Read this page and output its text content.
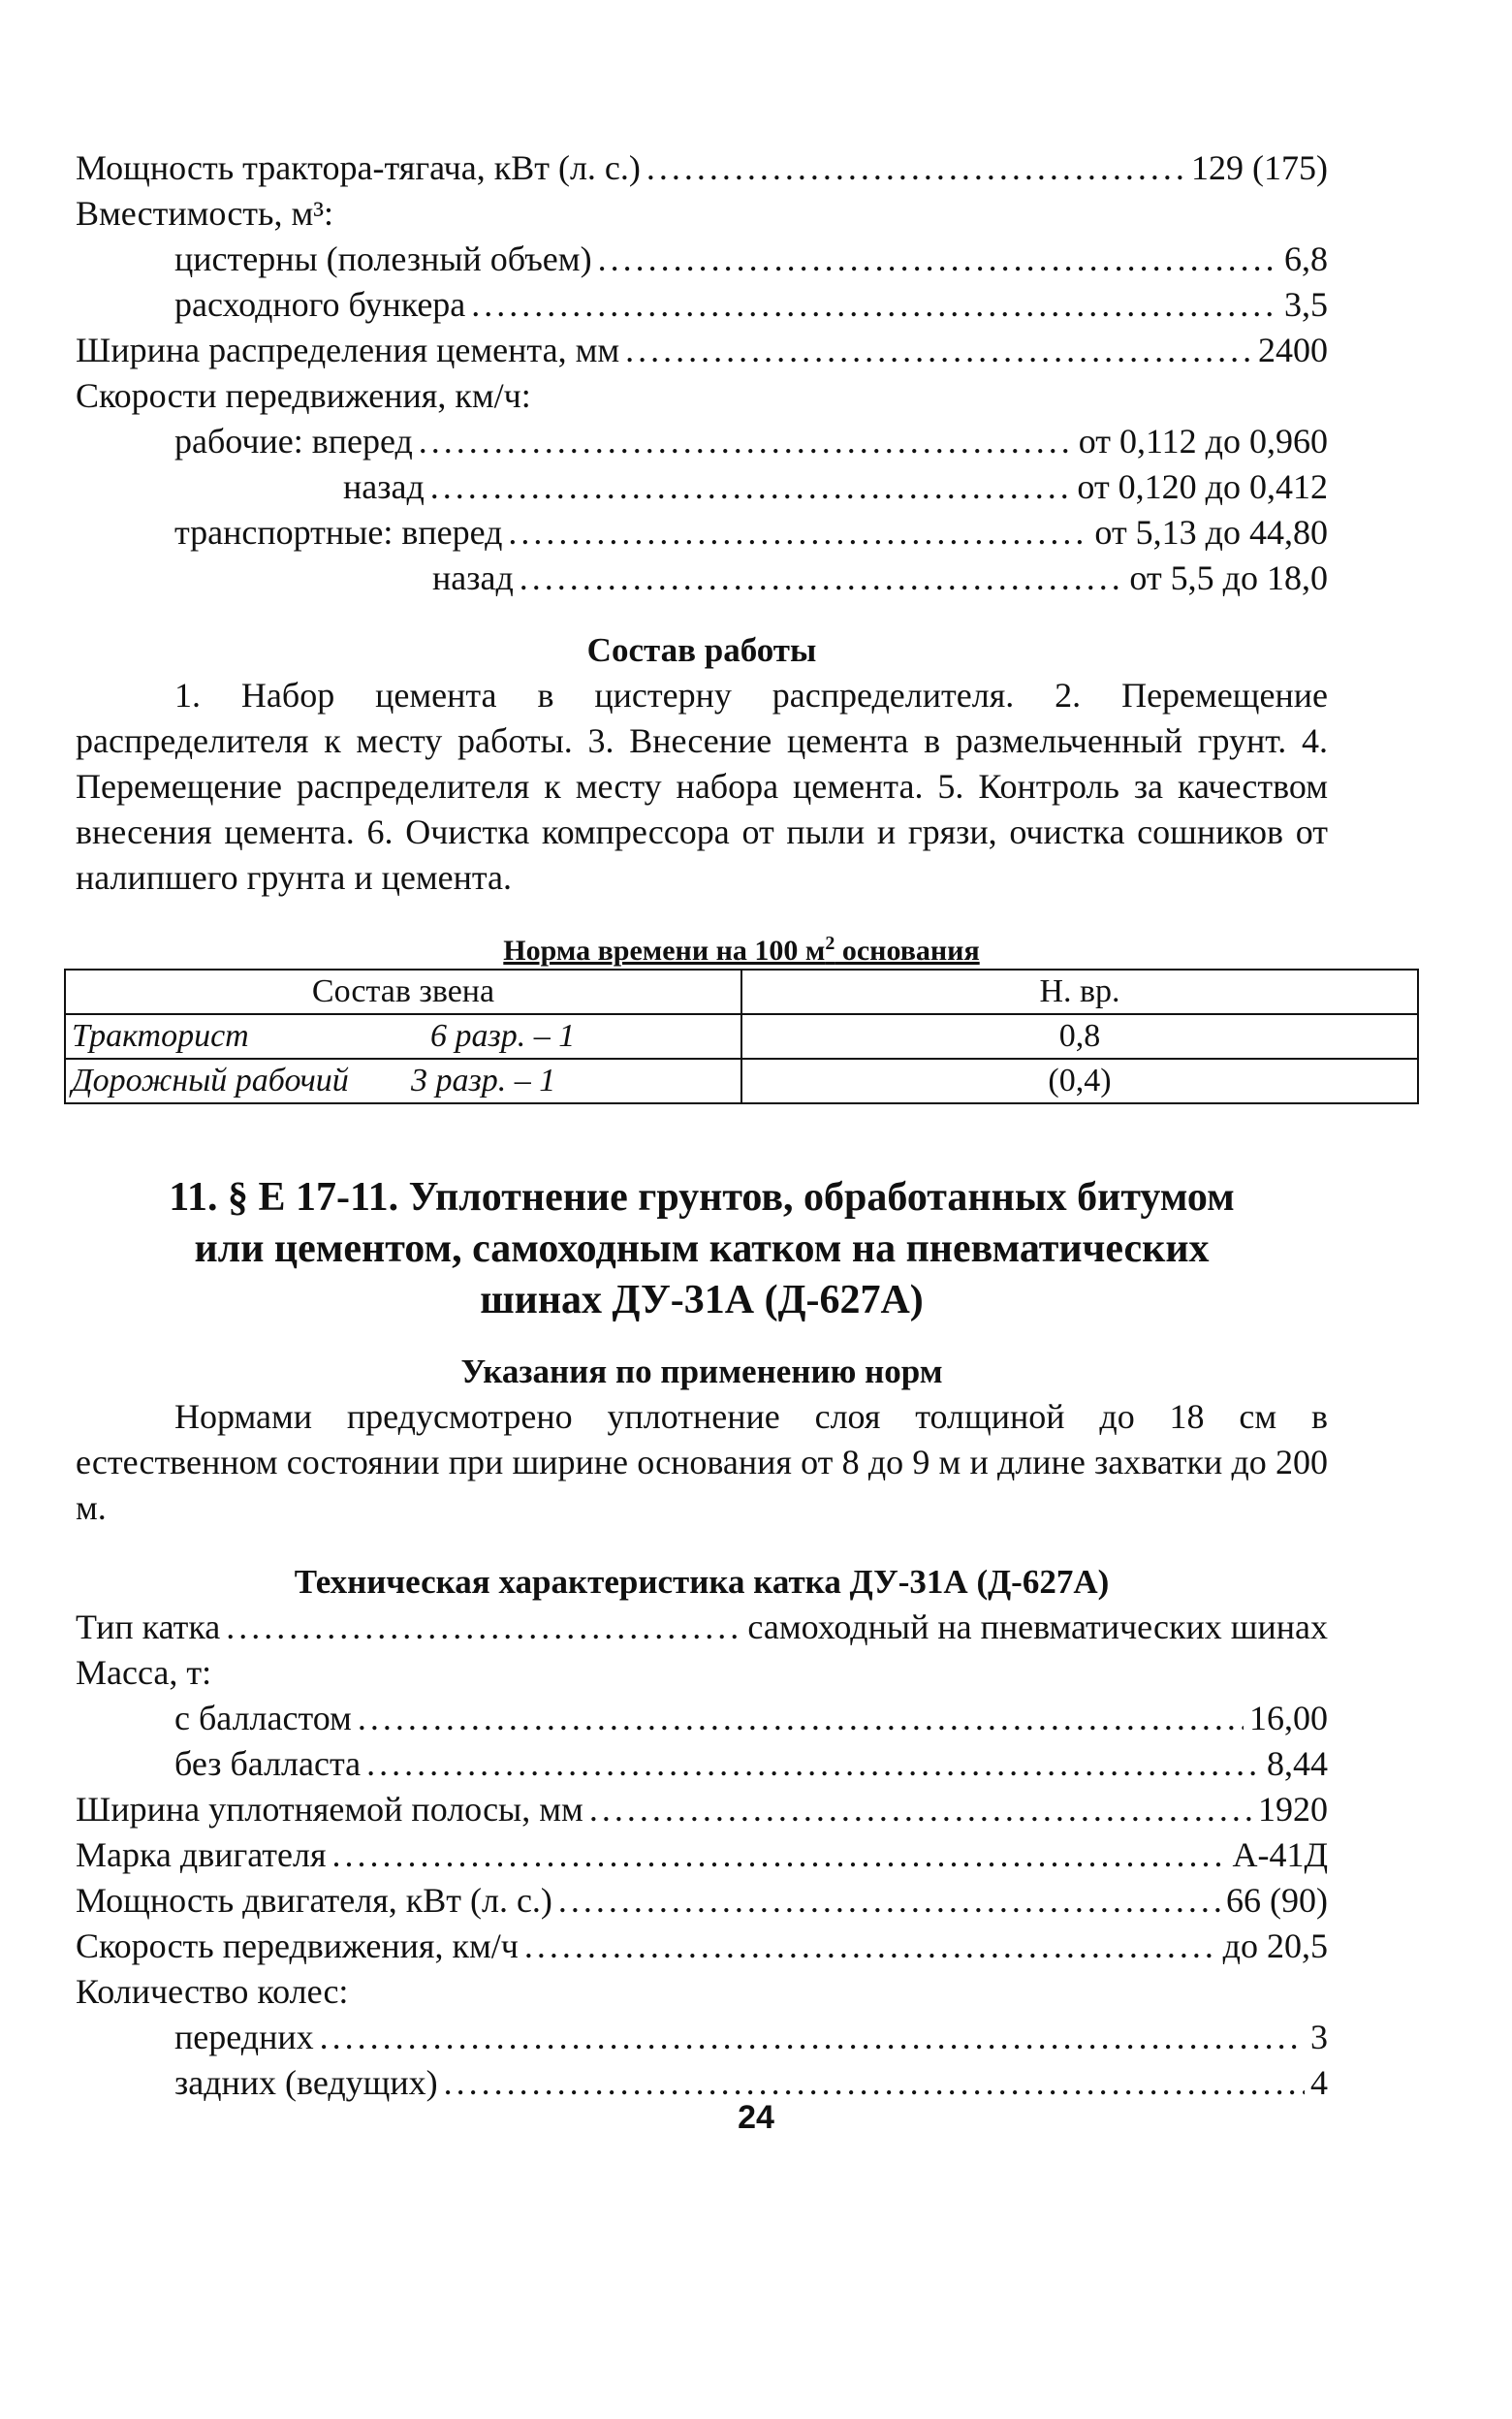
Мощность трактора-тягача, кВт (л. с.) .....	129 (175)
Вместимость, м³:
цистерны (полезный объем) .....	6,8
расходного бункера .....	3,5
Ширина распределения цемента, мм .....	2400
Скорости передвижения, км/ч:
рабочие: вперед .....	от 0,112 до 0,960
назад .....	от 0,120 до 0,412
транспортные: вперед .....	от 5,13 до 44,80
назад .....	от 5,5 до 18,0
Состав работы

1. Набор цемента в цистерну распределителя. 2. Перемещение распределителя к месту работы. 3. Внесение цемента в размельченный грунт. 4. Перемещение распределителя к месту набора цемента. 5. Контроль за качеством внесения цемента. 6. Очистка компрессора от пыли и грязи, очистка сошников от налипшего грунта и цемента.

Норма времени на 100 $м^2$ основания
Состав звена	Н. вр.
Тракторист 6 разр. – 1	0,8
Дорожный рабочий 3 разр. – 1	(0,4)

11. § Е 17-11. Уплотнение грунтов, обработанных битумом

или цементом, самоходным катком на пневматических

шинах ДУ-31А (Д-627А)

Указания по применению норм

Нормами предусмотрено уплотнение слоя толщиной до 18 см в естественном состоянии при ширине основания от 8 до 9 м и длине захватки до 200 м.

Техническая характеристика катка ДУ-31А (Д-627А)
Тип катка .....	самоходный на пневматических шинах
Масса, т:
с балластом .....	16,00
без балласта .....	8,44
Ширина уплотняемой полосы, мм .....	1920
Марка двигателя .....	А-41Д
Мощность двигателя, кВт (л. с.) .....	66 (90)
Скорость передвижения, км/ч .....	до 20,5
Количество колес:
передних .....	3
задних (ведущих) .....	4
24
